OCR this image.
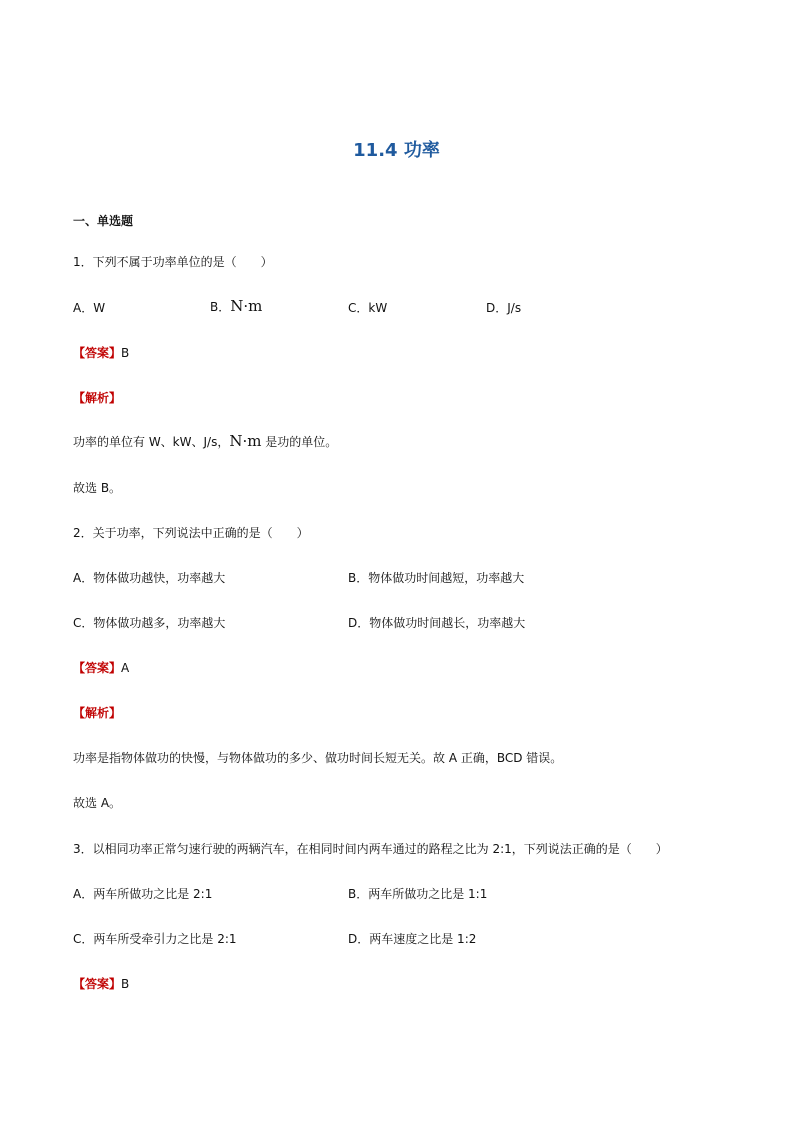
11.4 功率
一、单选题
1．下列不属于功率单位的是（　　）
A．W	B．N·m	C．kW	D．J/s
【答案】B
【解析】
功率的单位有 W、kW、J/s，N·m 是功的单位。
故选 B。
2．关于功率，下列说法中正确的是（　　）
A．物体做功越快，功率越大	B．物体做功时间越短，功率越大
C．物体做功越多，功率越大	D．物体做功时间越长，功率越大
【答案】A
【解析】
功率是指物体做功的快慢，与物体做功的多少、做功时间长短无关。故 A 正确，BCD 错误。
故选 A。
3．以相同功率正常匀速行驶的两辆汽车，在相同时间内两车通过的路程之比为 2:1，下列说法正确的是（　　）
A．两车所做功之比是 2:1	B．两车所做功之比是 1:1
C．两车所受牵引力之比是 2:1	D．两车速度之比是 1:2
【答案】B
